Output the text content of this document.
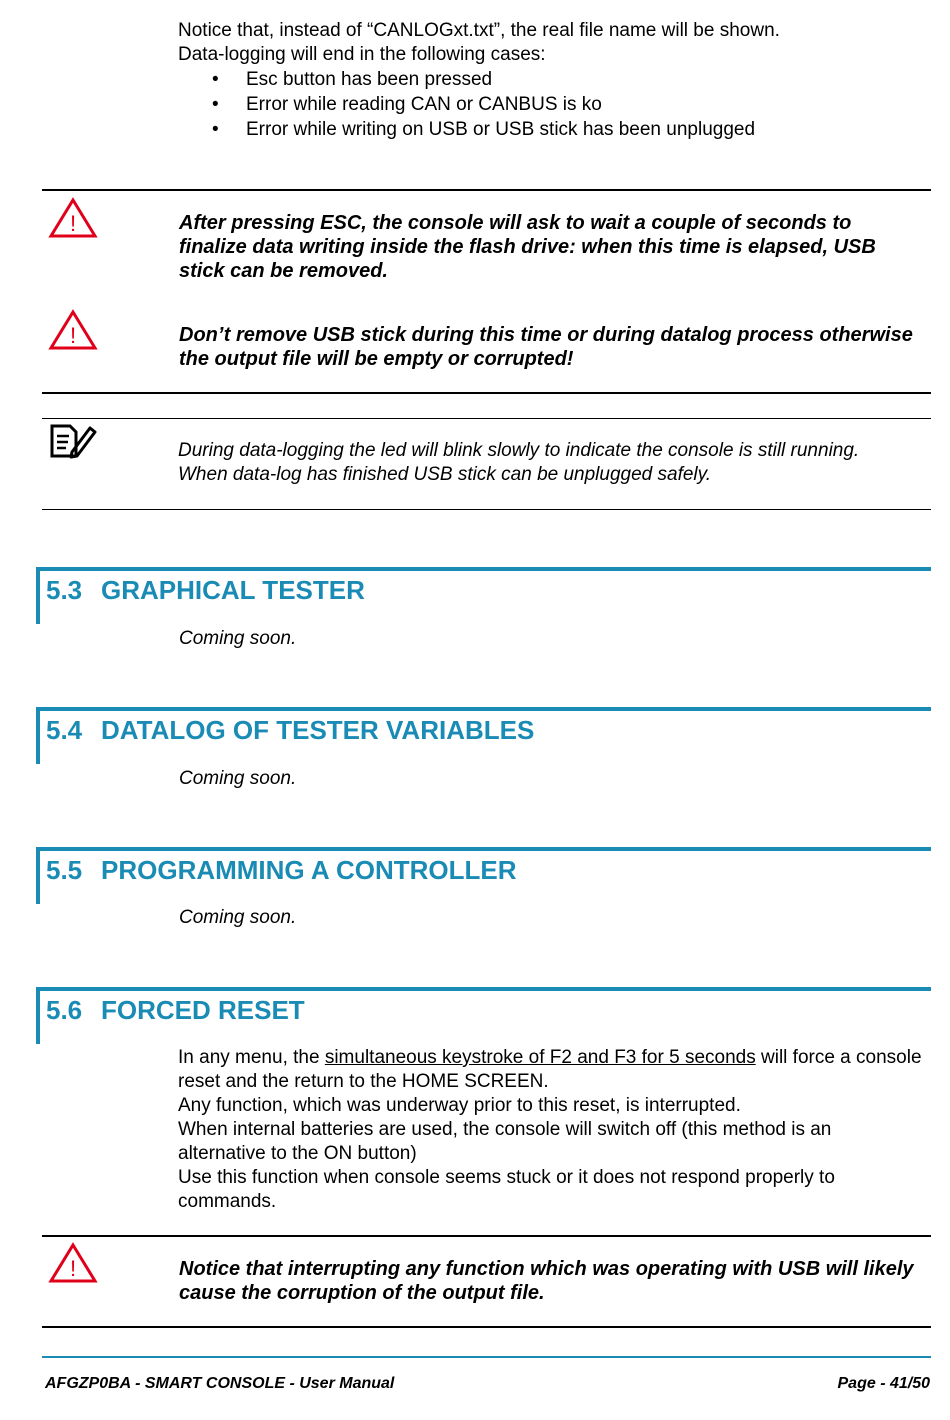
Notice that, instead of “CANLOGxt.txt”, the real file name will be shown.
Data-logging will end in the following cases:
• Esc button has been pressed
• Error while reading CAN or CANBUS is ko
• Error while writing on USB or USB stick has been unplugged
!	After pressing ESC, the console will ask to wait a couple of seconds to finalize data writing inside the flash drive: when this time is elapsed, USB stick can be removed.
!	Don’t remove USB stick during this time or during datalog process otherwise the output file will be empty or corrupted!
During data-logging the led will blink slowly to indicate the console is still running.
When data-log has finished USB stick can be unplugged safely.
5.3 GRAPHICAL TESTER
Coming soon.
5.4 DATALOG OF TESTER VARIABLES
Coming soon.
5.5 PROGRAMMING A CONTROLLER
Coming soon.
5.6 FORCED RESET
In any menu, the simultaneous keystroke of F2 and F3 for 5 seconds will force a console reset and the return to the HOME SCREEN.
Any function, which was underway prior to this reset, is interrupted.
When internal batteries are used, the console will switch off (this method is an alternative to the ON button)
Use this function when console seems stuck or it does not respond properly to commands.
!	Notice that interrupting any function which was operating with USB will likely cause the corruption of the output file.
AFGZP0BA - SMART CONSOLE - User Manual	Page - 41/50
